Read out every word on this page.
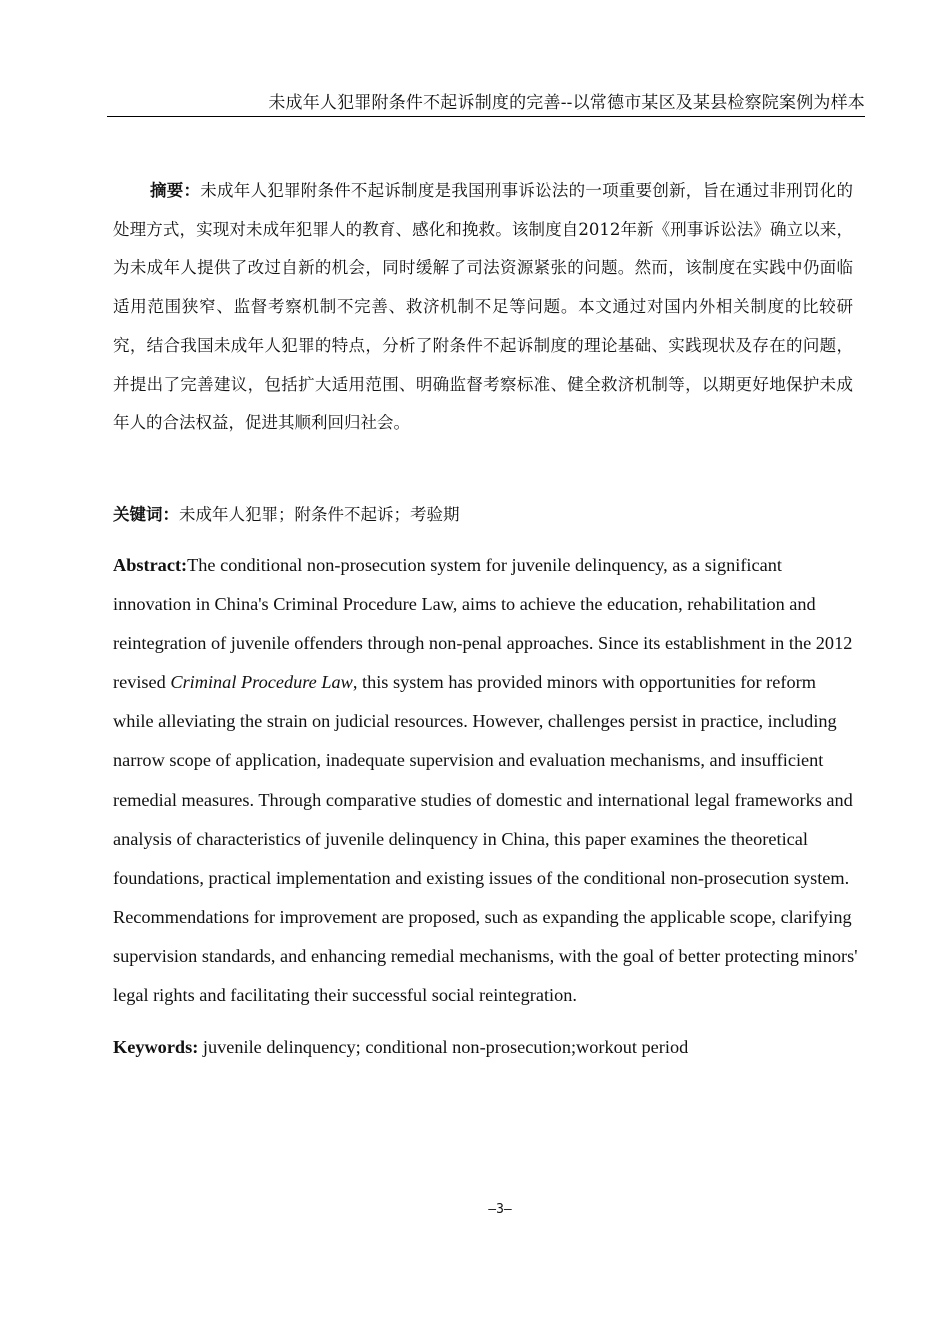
未成年人犯罪附条件不起诉制度的完善--以常德市某区及某县检察院案例为样本

摘要：未成年人犯罪附条件不起诉制度是我国刑事诉讼法的一项重要创新，旨在通过非刑罚化的处理方式，实现对未成年犯罪人的教育、感化和挽救。该制度自2012年新《刑事诉讼法》确立以来，为未成年人提供了改过自新的机会，同时缓解了司法资源紧张的问题。然而，该制度在实践中仍面临适用范围狭窄、监督考察机制不完善、救济机制不足等问题。本文通过对国内外相关制度的比较研究，结合我国未成年人犯罪的特点，分析了附条件不起诉制度的理论基础、实践现状及存在的问题，并提出了完善建议，包括扩大适用范围、明确监督考察标准、健全救济机制等，以期更好地保护未成年人的合法权益，促进其顺利回归社会。

关键词：未成年人犯罪；附条件不起诉；考验期

Abstract:The conditional non-prosecution system for juvenile delinquency, as a significant innovation in China's Criminal Procedure Law, aims to achieve the education, rehabilitation and reintegration of juvenile offenders through non-penal approaches. Since its establishment in the 2012 revised Criminal Procedure Law, this system has provided minors with opportunities for reform while alleviating the strain on judicial resources. However, challenges persist in practice, including narrow scope of application, inadequate supervision and evaluation mechanisms, and insufficient remedial measures. Through comparative studies of domestic and international legal frameworks and analysis of characteristics of juvenile delinquency in China, this paper examines the theoretical foundations, practical implementation and existing issues of the conditional non-prosecution system. Recommendations for improvement are proposed, such as expanding the applicable scope, clarifying supervision standards, and enhancing remedial mechanisms, with the goal of better protecting minors' legal rights and facilitating their successful social reintegration.

Keywords: juvenile delinquency; conditional non-prosecution;workout period

—3—
